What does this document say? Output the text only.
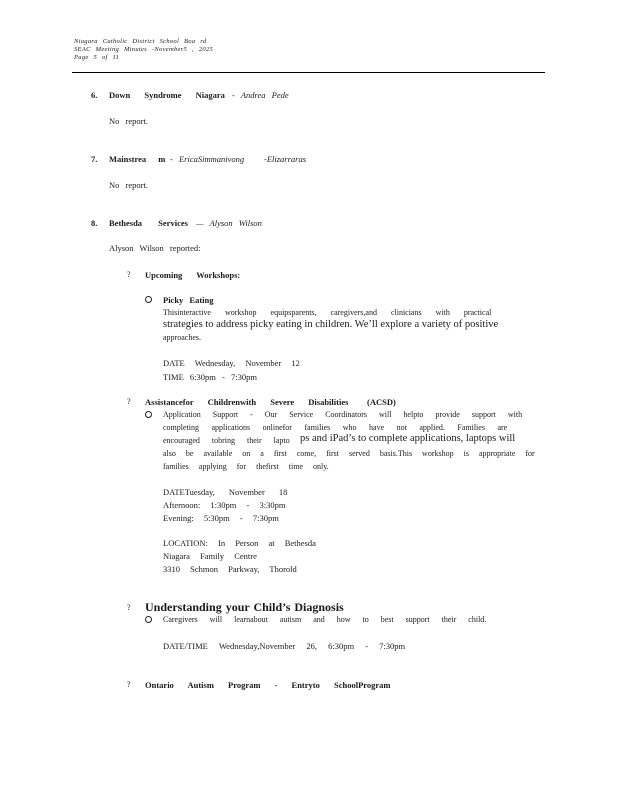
Niagara Catholic District School Boa rd
SEAC Meeting Minutes -November5 , 2025
Page 5 of 11
6. Down Syndrome Niagara - Andrea Pede
No report.
7. Mainstrea m - EricaSimmanivong -Elizarraras
No report.
8. Bethesda Services — Alyson Wilson
Alyson Wilson reported:
? Upcoming Workshops:
Picky Eating
Thisinteractive workshop equipsparents, caregivers,and clinicians with practical
strategies to address picky eating in children. We’ll explore a variety of positive
approaches.
DATE Wednesday, November 12
TIME 6:30pm - 7:30pm
? Assistancefor Childrenwith Severe Disabilities (ACSD)
Application Support - Our Service Coordinators will helpto provide support with
completing applications onlinefor families who have not applied. Families are
encouraged tobring their lapto ps and iPad’s to complete applications, laptops will
also be available on a first come, first served basis.This workshop is appropriate for
families applying for thefirst time only.
DATETuesday, November 18
Afternoon: 1:30pm - 3:30pm
Evening: 5:30pm - 7:30pm
LOCATION: In Person at Bethesda
Niagara Family Centre
3310 Schmon Parkway, Thorold
? Understanding your Child’s Diagnosis
Caregivers will learnabout autism and how to best support their child.
DATE/TIME Wednesday,November 26, 6:30pm - 7:30pm
? Ontario Autism Program - Entryto SchoolProgram
